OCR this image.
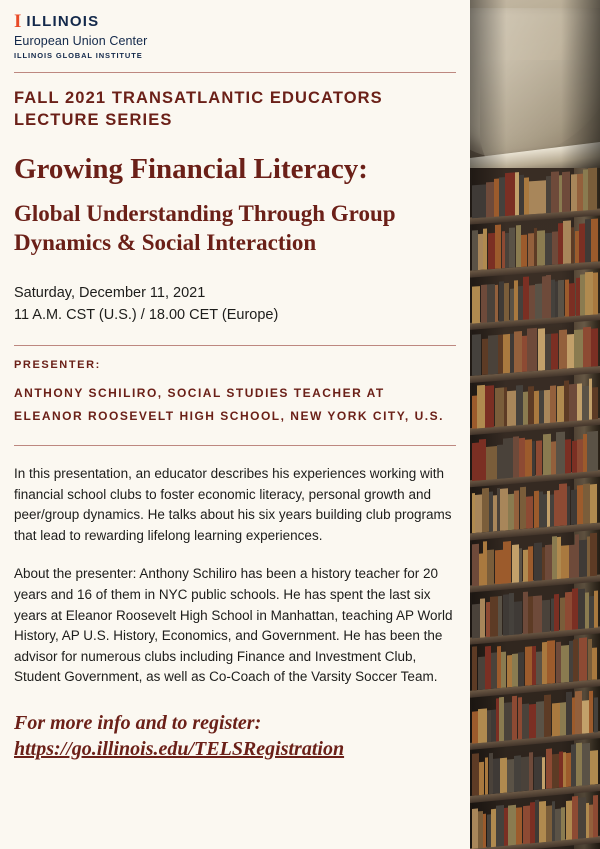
I ILLINOIS
European Union Center
ILLINOIS GLOBAL INSTITUTE
FALL 2021 TRANSATLANTIC EDUCATORS LECTURE SERIES
Growing Financial Literacy:
Global Understanding Through Group Dynamics & Social Interaction
Saturday, December 11, 2021
11 A.M. CST (U.S.) / 18.00 CET (Europe)
PRESENTER:
ANTHONY SCHILIRO, SOCIAL STUDIES TEACHER AT ELEANOR ROOSEVELT HIGH SCHOOL, NEW YORK CITY, U.S.
In this presentation, an educator describes his experiences working with financial school clubs to foster economic literacy, personal growth and peer/group dynamics. He talks about his six years building club programs that lead to rewarding lifelong learning experiences.
About the presenter: Anthony Schiliro has been a history teacher for 20 years and 16 of them in NYC public schools. He has spent the last six years at Eleanor Roosevelt High School in Manhattan, teaching AP World History, AP U.S. History, Economics, and Government. He has been the advisor for numerous clubs including Finance and Investment Club, Student Government, as well as Co-Coach of the Varsity Soccer Team.
For more info and to register:
https://go.illinois.edu/TELSRegistration
